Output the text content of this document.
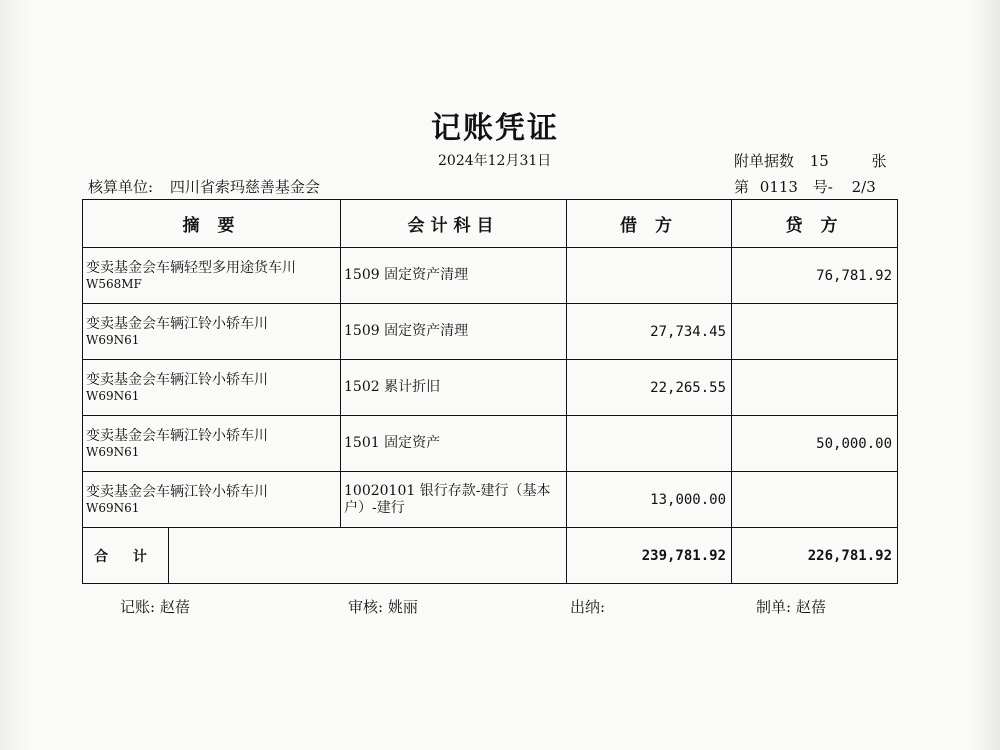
记账凭证
2024年12月31日	附单据数 15	张
核算单位: 四川省索玛慈善基金会	第 0113 号- 2/3
摘 要		会计科目	借 方	贷 方

变卖基金会车辆轻型多用途货车川
W568MF		1509 固定资产清理		76,781.92

变卖基金会车辆江铃小轿车川
W69N61		1509 固定资产清理	27,734.45	

变卖基金会车辆江铃小轿车川
W69N61		1502 累计折旧	22,265.55	

变卖基金会车辆江铃小轿车川
W69N61		1501 固定资产		50,000.00

变卖基金会车辆江铃小轿车川
W69N61		10020101 银行存款-建行（基本户）-建行	13,000.00	
合 计			239,781.92	226,781.92
记账: 赵蓓	审核: 姚丽	出纳:	制单: 赵蓓
